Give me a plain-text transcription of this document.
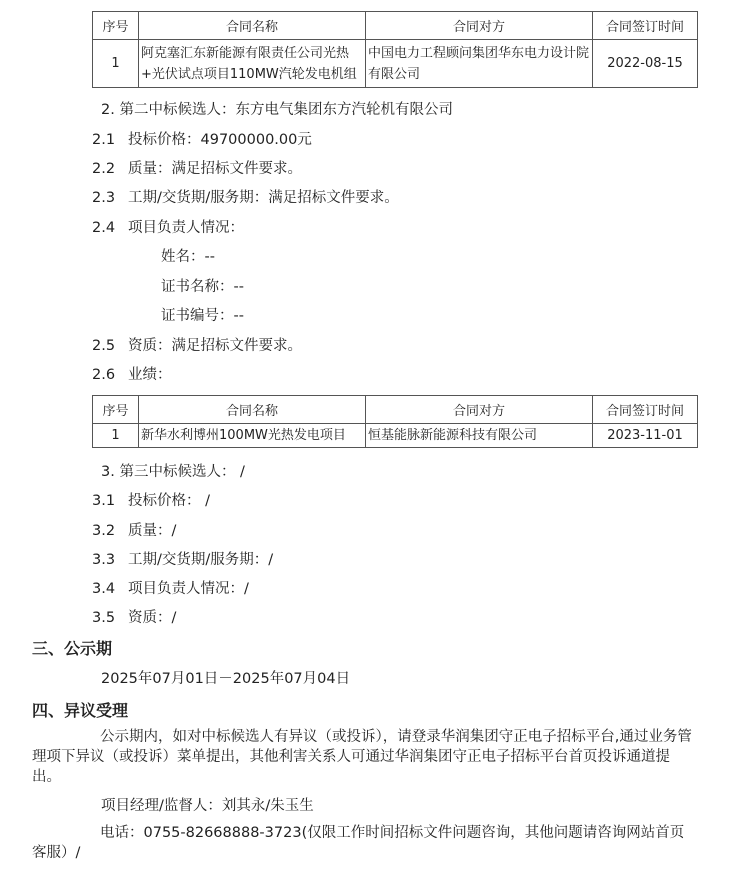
序号	合同名称	合同对方	合同签订时间
1	阿克塞汇东新能源有限责任公司光热+光伏试点项目110MW汽轮发电机组	中国电力工程顾问集团华东电力设计院有限公司	2022-08-15
2. 第二中标候选人：东方电气集团东方汽轮机有限公司
2.1 投标价格：49700000.00元
2.2 质量：满足招标文件要求。
2.3 工期/交货期/服务期：满足招标文件要求。
2.4 项目负责人情况：
姓名：--
证书名称：--
证书编号：--
2.5 资质：满足招标文件要求。
2.6 业绩：
序号	合同名称	合同对方	合同签订时间
1	新华水利博州100MW光热发电项目	恒基能脉新能源科技有限公司	2023-11-01
3. 第三中标候选人： /
3.1 投标价格： /
3.2 质量：/
3.3 工期/交货期/服务期：/
3.4 项目负责人情况：/
3.5 资质：/
三、公示期
2025年07月01日－2025年07月04日
四、异议受理
公示期内，如对中标候选人有异议（或投诉），请登录华润集团守正电子招标平台,通过业务管理项下异议（或投诉）菜单提出，其他利害关系人可通过华润集团守正电子招标平台首页投诉通道提出。
项目经理/监督人：刘其永/朱玉生
电话：0755-82668888-3723(仅限工作时间招标文件问题咨询，其他问题请咨询网站首页客服）/
